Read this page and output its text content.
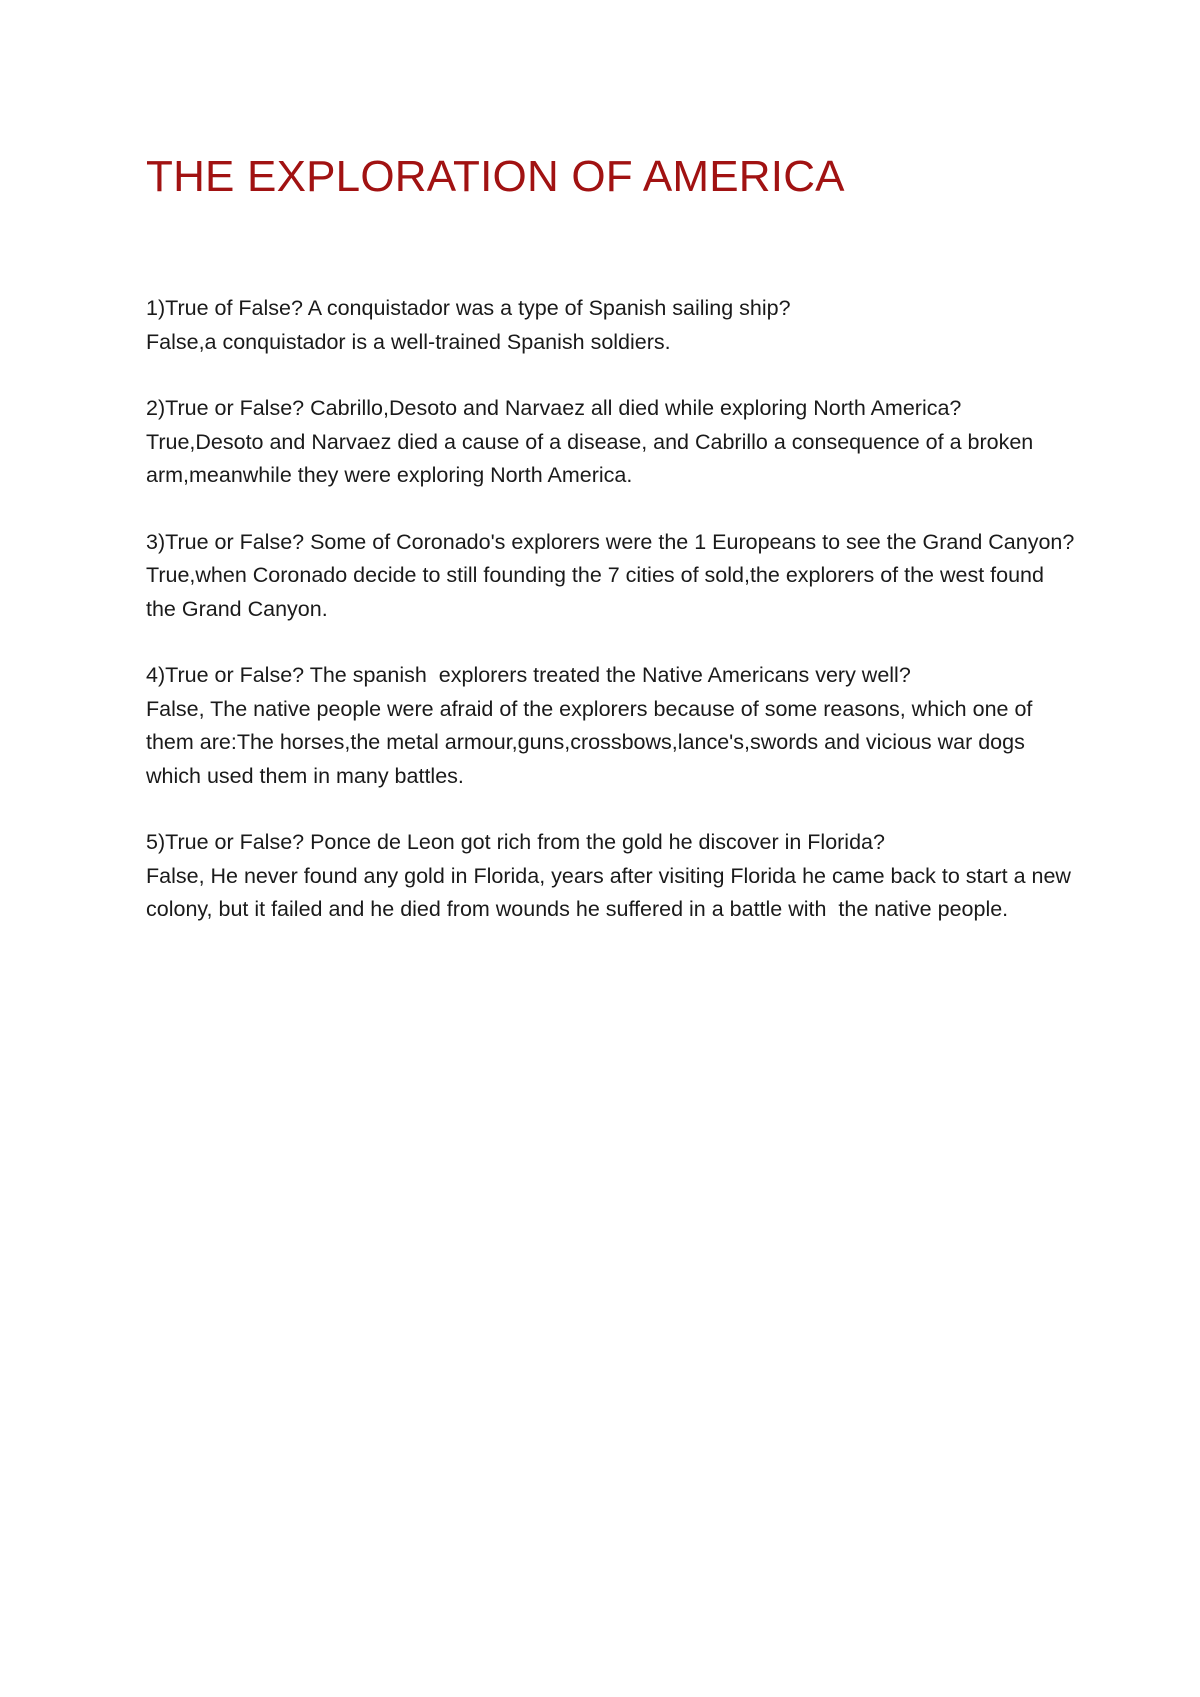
THE EXPLORATION OF AMERICA

1)True of False? A conquistador was a type of Spanish sailing ship?

False,a conquistador is a well-trained Spanish soldiers.

2)True or False? Cabrillo,Desoto and Narvaez all died while exploring North America?

True,Desoto and Narvaez died a cause of a disease, and Cabrillo a consequence of a broken arm,meanwhile they were exploring North America.

3)True or False? Some of Coronado's explorers were the 1 Europeans to see the Grand Canyon?

True,when Coronado decide to still founding the 7 cities of sold,the explorers of the west found the Grand Canyon.

4)True or False? The spanish  explorers treated the Native Americans very well?

False, The native people were afraid of the explorers because of some reasons, which one of them are:The horses,the metal armour,guns,crossbows,lance's,swords and vicious war dogs which used them in many battles.

5)True or False? Ponce de Leon got rich from the gold he discover in Florida?

False, He never found any gold in Florida, years after visiting Florida he came back to start a new colony, but it failed and he died from wounds he suffered in a battle with  the native people.
